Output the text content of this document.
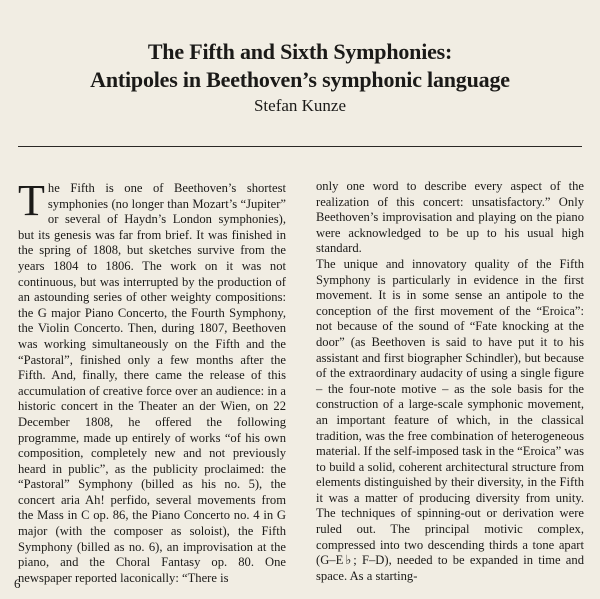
The Fifth and Sixth Symphonies:
Antipoles in Beethoven’s symphonic language
Stefan Kunze

The Fifth is one of Beethoven’s shortest symphonies (no longer than Mozart’s “Jupiter” or several of Haydn’s London symphonies), but its genesis was far from brief. It was finished in the spring of 1808, but sketches survive from the years 1804 to 1806. The work on it was not continuous, but was interrupted by the production of an astounding series of other weighty compositions: the G major Piano Concerto, the Fourth Symphony, the Violin Concerto. Then, during 1807, Beethoven was working simultaneously on the Fifth and the “Pastoral”, finished only a few months after the Fifth. And, finally, there came the release of this accumulation of creative force over an audience: in a historic concert in the Theater an der Wien, on 22 December 1808, he offered the following programme, made up entirely of works “of his own composition, completely new and not previously heard in public”, as the publicity proclaimed: the “Pastoral” Symphony (billed as his no. 5), the concert aria Ah! perfido, several movements from the Mass in C op. 86, the Piano Concerto no. 4 in G major (with the composer as soloist), the Fifth Symphony (billed as no. 6), an improvisation at the piano, and the Choral Fantasy op. 80. One newspaper reported laconically: “There is

only one word to describe every aspect of the realization of this concert: unsatisfactory.” Only Beethoven’s improvisation and playing on the piano were acknowledged to be up to his usual high standard.

The unique and innovatory quality of the Fifth Symphony is particularly in evidence in the first movement. It is in some sense an antipole to the conception of the first movement of the “Eroica”: not because of the sound of “Fate knocking at the door” (as Beethoven is said to have put it to his assistant and first biographer Schindler), but because of the extraordinary audacity of using a single figure – the four-note motive – as the sole basis for the construction of a large-scale symphonic movement, an important feature of which, in the classical tradition, was the free combination of heterogeneous material. If the self-imposed task in the “Eroica” was to build a solid, coherent architectural structure from elements distinguished by their diversity, in the Fifth it was a matter of producing diversity from unity. The techniques of spinning-out or derivation were ruled out. The principal motivic complex, compressed into two descending thirds a tone apart (G–E♭; F–D), needed to be expanded in time and space. As a starting-

6
